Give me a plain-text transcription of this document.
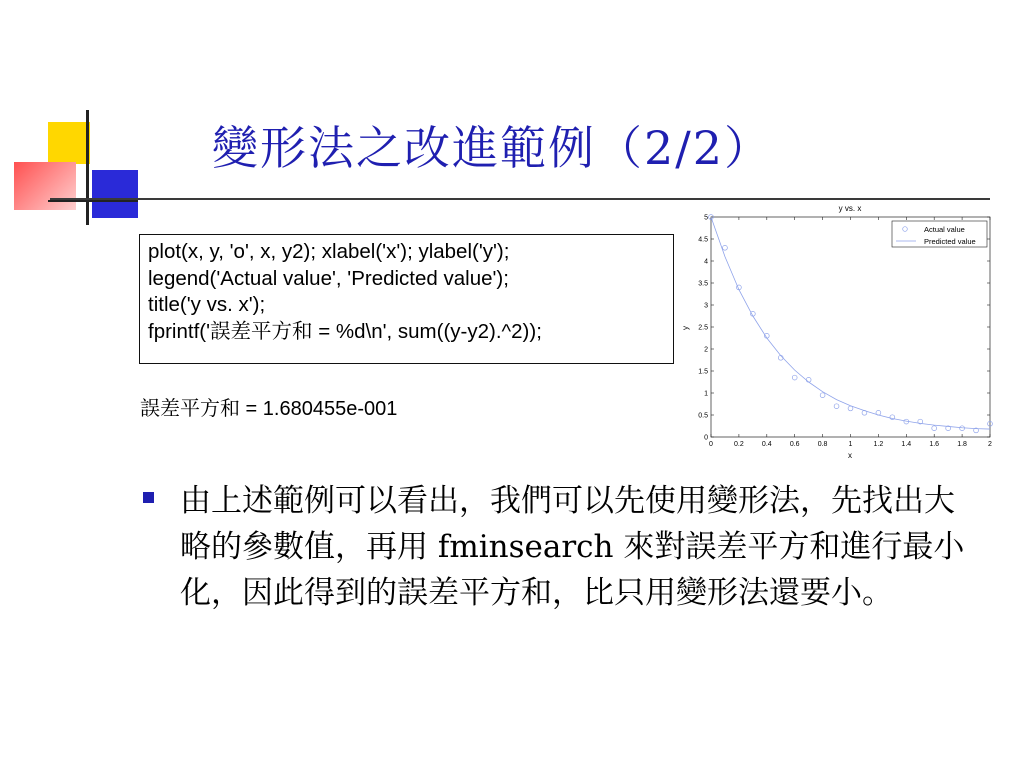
變形法之改進範例（2/2）
plot(x, y, 'o', x, y2); xlabel('x'); ylabel('y');
legend('Actual value', 'Predicted value');
title('y vs. x');
fprintf('誤差平方和 = %d\n', sum((y-y2).^2));
誤差平方和 = 1.680455e-001
y vs. x
x
y
0	0.2	0.4	0.6	0.8	1	1.2	1.4	1.6	1.8	2
0
0.5
1
1.5
2
2.5
3
3.5
4
4.5
5
Actual value
Predicted value
由上述範例可以看出，我們可以先使用變形法，先找出大略的參數值，再用 fminsearch 來對誤差平方和進行最小化，因此得到的誤差平方和，比只用變形法還要小。
